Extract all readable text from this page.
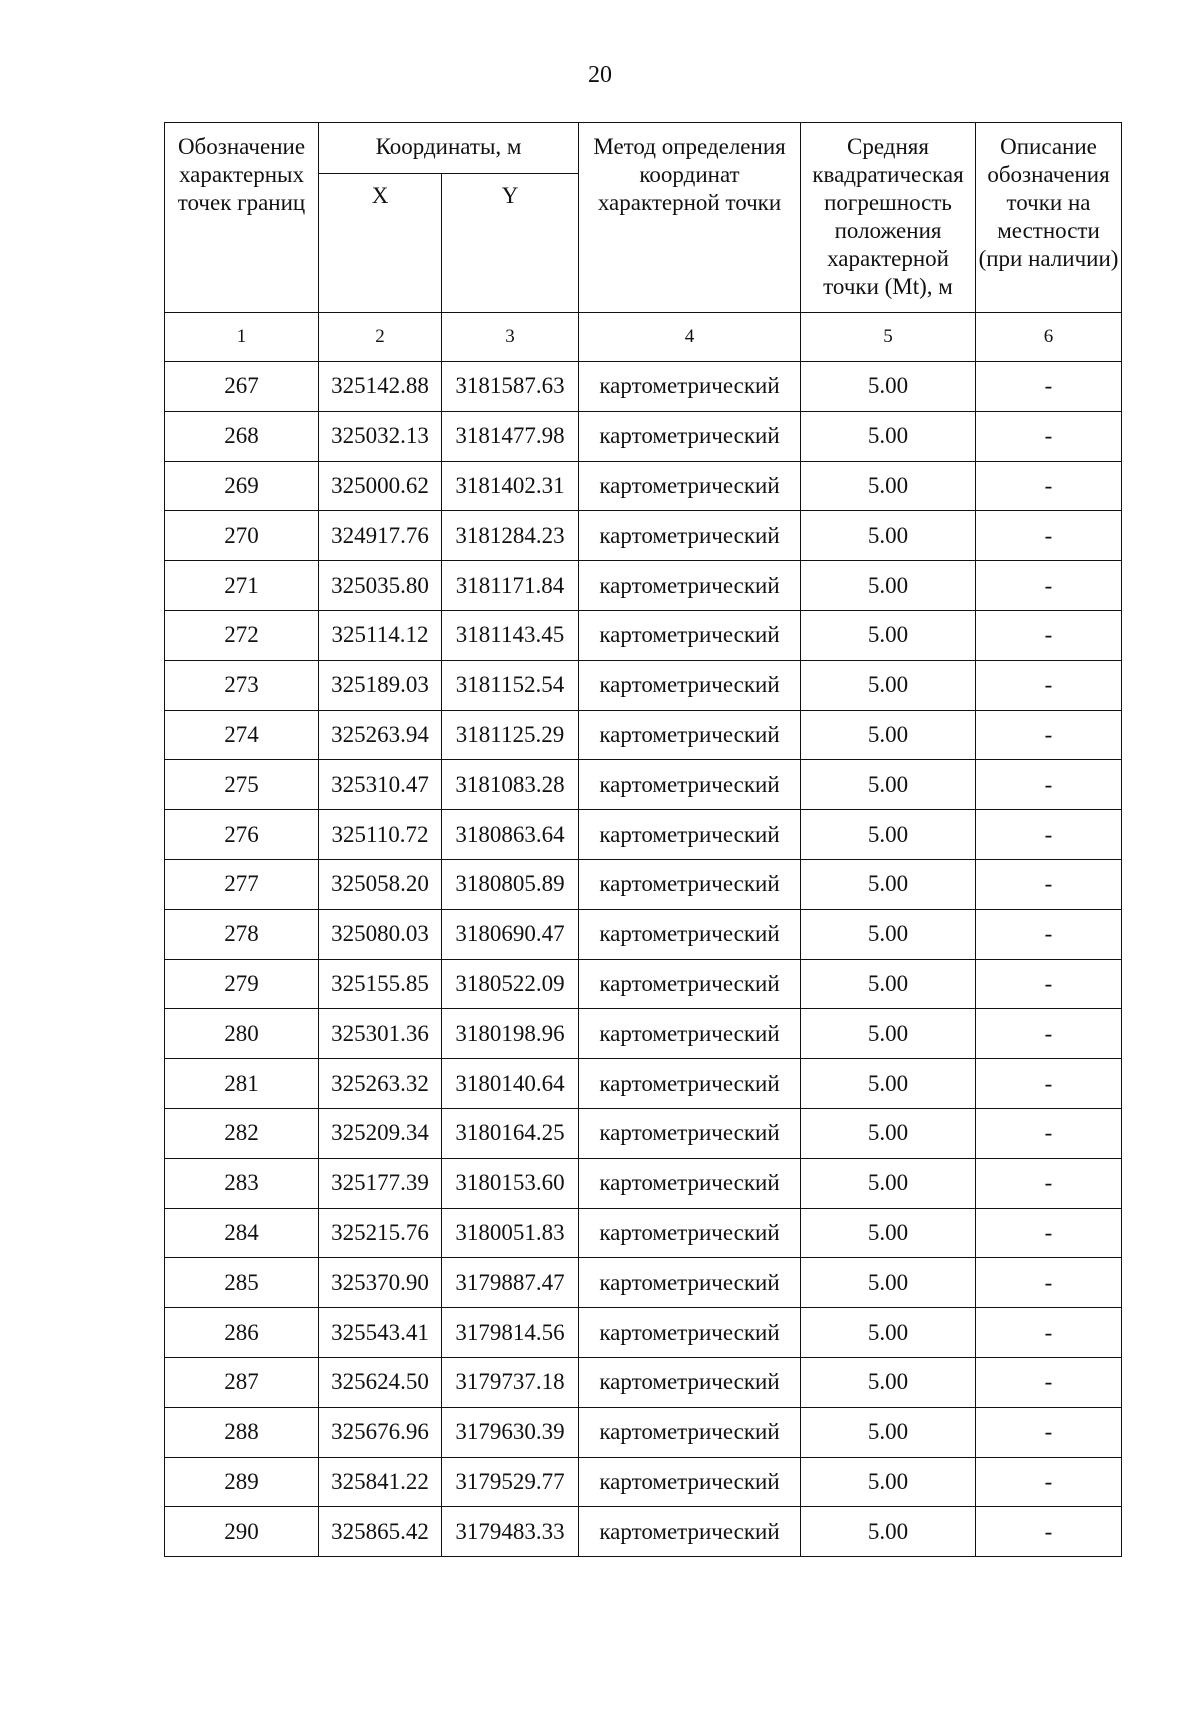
20
Обозначение характерных точек границ	Координаты, м		Метод определения координат характерной точки	Средняя квадратическая погрешность положения характерной точки (Mt), м	Описание обозначения точки на местности (при наличии)
	X	Y			
1	2	3	4	5	6
267	325142.88	3181587.63	картометрический	5.00	-
268	325032.13	3181477.98	картометрический	5.00	-
269	325000.62	3181402.31	картометрический	5.00	-
270	324917.76	3181284.23	картометрический	5.00	-
271	325035.80	3181171.84	картометрический	5.00	-
272	325114.12	3181143.45	картометрический	5.00	-
273	325189.03	3181152.54	картометрический	5.00	-
274	325263.94	3181125.29	картометрический	5.00	-
275	325310.47	3181083.28	картометрический	5.00	-
276	325110.72	3180863.64	картометрический	5.00	-
277	325058.20	3180805.89	картометрический	5.00	-
278	325080.03	3180690.47	картометрический	5.00	-
279	325155.85	3180522.09	картометрический	5.00	-
280	325301.36	3180198.96	картометрический	5.00	-
281	325263.32	3180140.64	картометрический	5.00	-
282	325209.34	3180164.25	картометрический	5.00	-
283	325177.39	3180153.60	картометрический	5.00	-
284	325215.76	3180051.83	картометрический	5.00	-
285	325370.90	3179887.47	картометрический	5.00	-
286	325543.41	3179814.56	картометрический	5.00	-
287	325624.50	3179737.18	картометрический	5.00	-
288	325676.96	3179630.39	картометрический	5.00	-
289	325841.22	3179529.77	картометрический	5.00	-
290	325865.42	3179483.33	картометрический	5.00	-
